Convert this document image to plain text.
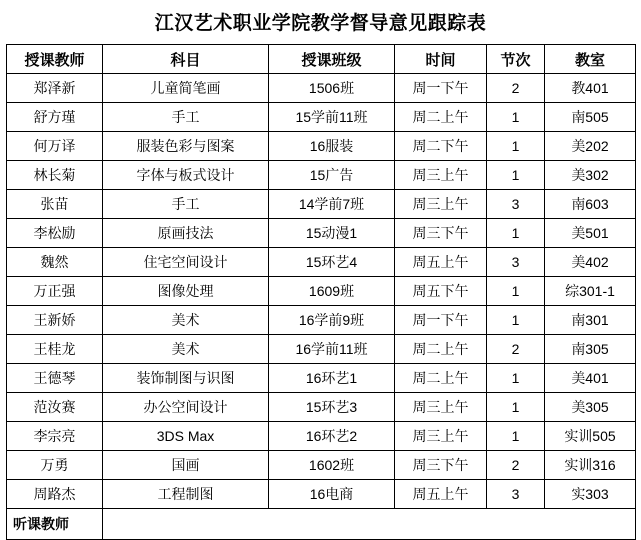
江汉艺术职业学院教学督导意见跟踪表
授课教师	科目	授课班级	时间	节次	教室
郑泽新	儿童简笔画	1506班	周一下午	2	教401
舒方瑾	手工	15学前11班	周二上午	1	南505
何万译	服装色彩与图案	16服装	周二下午	1	美202
林长菊	字体与板式设计	15广告	周三上午	1	美302
张苗	手工	14学前7班	周三上午	3	南603
李松励	原画技法	15动漫1	周三下午	1	美501
魏然	住宅空间设计	15环艺4	周五上午	3	美402
万正强	图像处理	1609班	周五下午	1	综301-1
王新娇	美术	16学前9班	周一下午	1	南301
王桂龙	美术	16学前11班	周二上午	2	南305
王德琴	装饰制图与识图	16环艺1	周二上午	1	美401
范汝赛	办公空间设计	15环艺3	周三上午	1	美305
李宗亮	3DS Max	16环艺2	周三上午	1	实训505
万勇	国画	1602班	周三下午	2	实训316
周路杰	工程制图	16电商	周五上午	3	实303
听课教师					
